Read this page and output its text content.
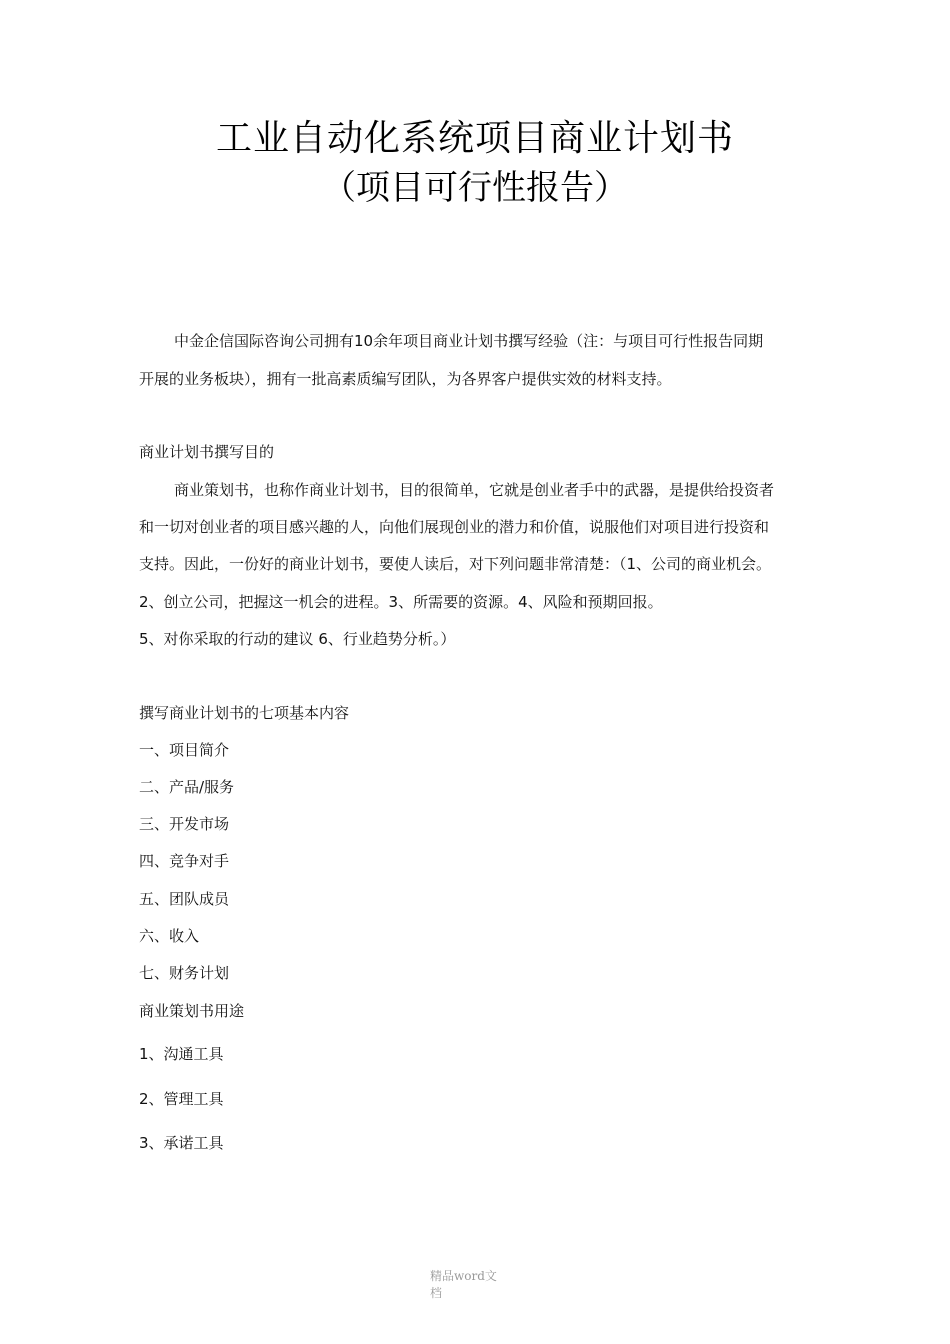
工业自动化系统项目商业计划书
（项目可行性报告）
中金企信国际咨询公司拥有10余年项目商业计划书撰写经验（注：与项目可行性报告同期
开展的业务板块），拥有一批高素质编写团队，为各界客户提供实效的材料支持。
商业计划书撰写目的
商业策划书，也称作商业计划书，目的很简单，它就是创业者手中的武器，是提供给投资者
和一切对创业者的项目感兴趣的人，向他们展现创业的潜力和价值，说服他们对项目进行投资和
支持。因此，一份好的商业计划书，要使人读后，对下列问题非常清楚：（1、公司的商业机会。
2、创立公司，把握这一机会的进程。3、所需要的资源。4、风险和预期回报。
5、对你采取的行动的建议 6、行业趋势分析。）
撰写商业计划书的七项基本内容
一、项目简介
二、产品/服务
三、开发市场
四、竞争对手
五、团队成员
六、收入
七、财务计划
商业策划书用途
1、沟通工具
2、管理工具
3、承诺工具
精品word文
档
